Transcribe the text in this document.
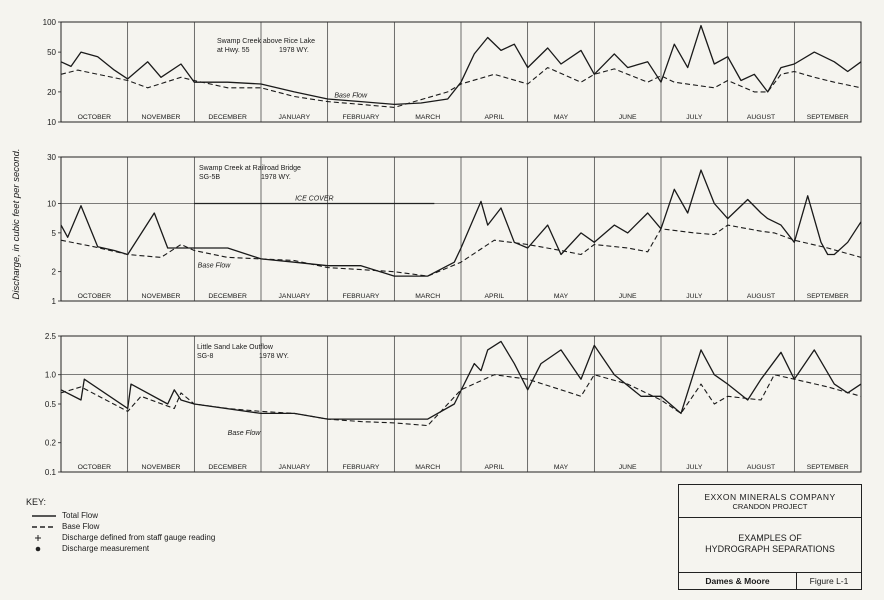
10
20
50
100
OCTOBER	NOVEMBER	DECEMBER	JANUARY	FEBRUARY	MARCH	APRIL	MAY	JUNE	JULY	AUGUST	SEPTEMBER
Swamp Creek above Rice Lake
at Hwy. 55	1978 WY.
Base Flow
1
2
5
10
30
OCTOBER	NOVEMBER	DECEMBER	JANUARY	FEBRUARY	MARCH	APRIL	MAY	JUNE	JULY	AUGUST	SEPTEMBER
Swamp Creek at Railroad Bridge
SG-5B	1978 WY.
ICE COVER
Base Flow
0.1
0.2
0.5
1.0
2.5
OCTOBER	NOVEMBER	DECEMBER	JANUARY	FEBRUARY	MARCH	APRIL	MAY	JUNE	JULY	AUGUST	SEPTEMBER
Little Sand Lake Outflow
SG-8	1978 WY.
Base Flow
Discharge, in cubic feet per second.
KEY:
Total Flow
Base Flow
Discharge defined from staff gauge reading
Discharge measurement
EXXON MINERALS COMPANY
CRANDON PROJECT
EXAMPLES OF
HYDROGRAPH SEPARATIONS
Dames & Moore	Figure L-1
